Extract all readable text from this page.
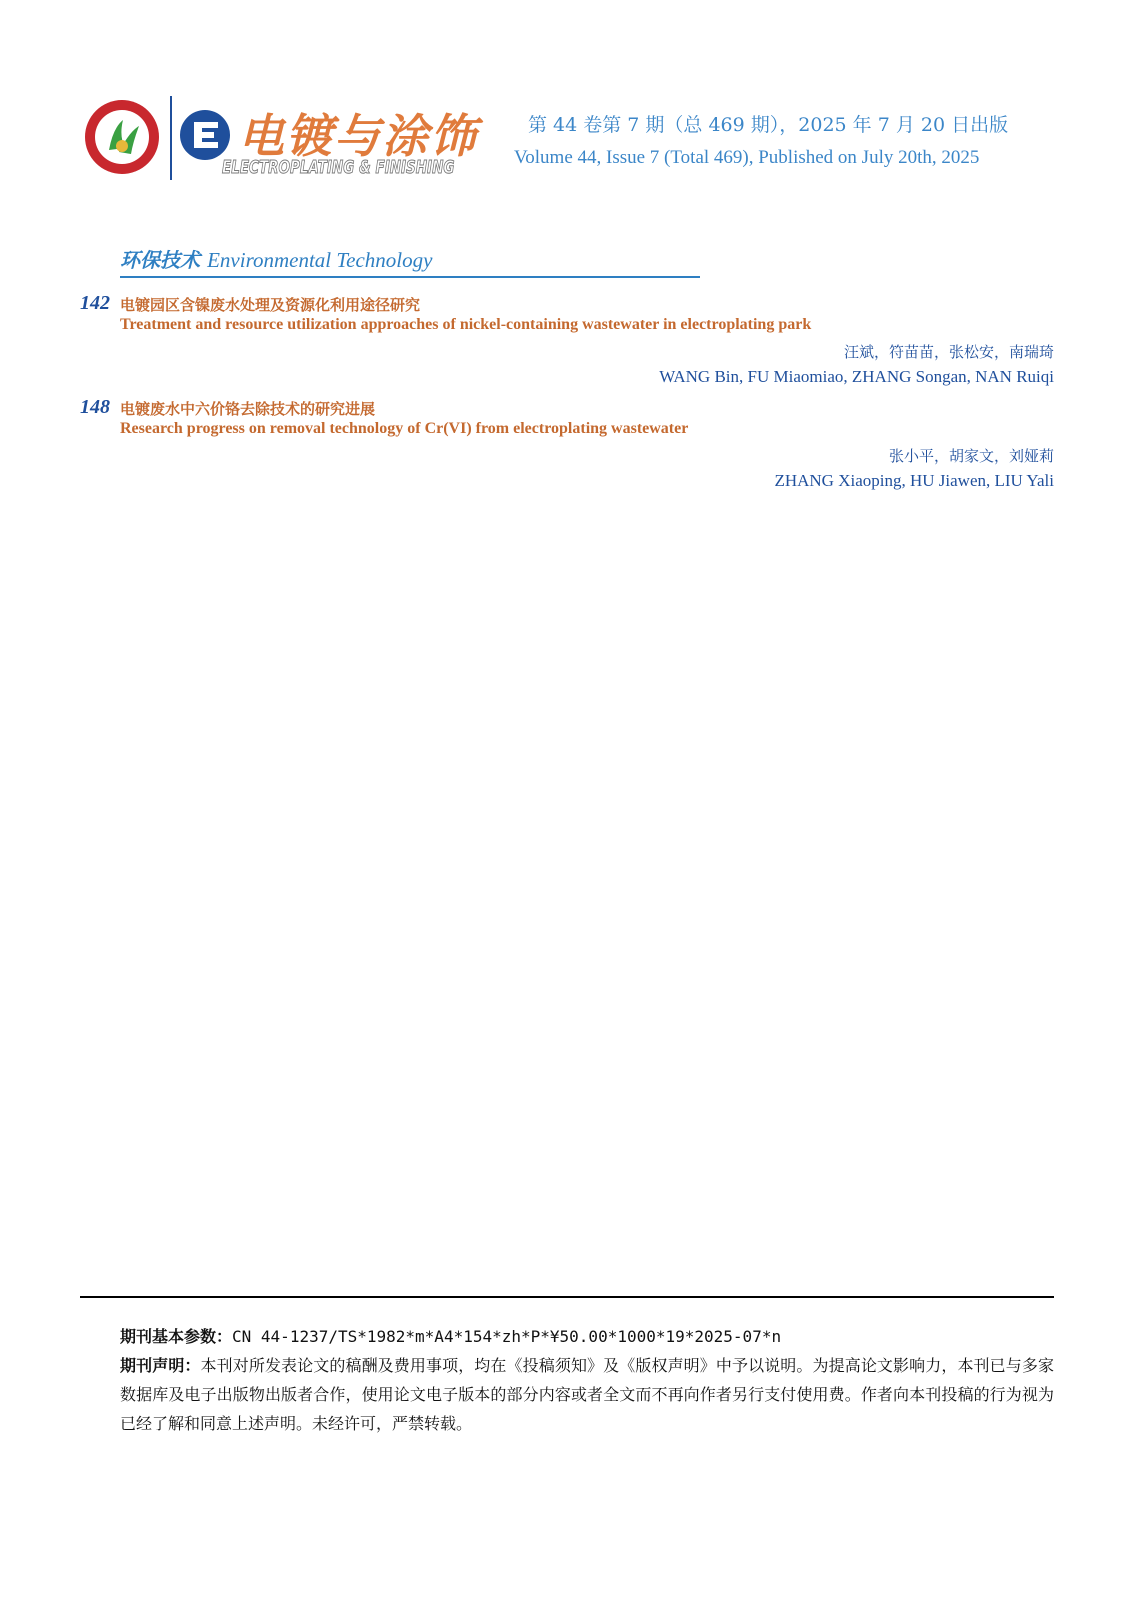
电镀与涂饰
ELECTROPLATING & FINISHING
第 44 卷第 7 期（总 469 期），2025 年 7 月 20 日出版
Volume 44, Issue 7 (Total 469), Published on July 20th, 2025
环保技术 Environmental Technology
142 电镀园区含镍废水处理及资源化利用途径研究
Treatment and resource utilization approaches of nickel-containing wastewater in electroplating park
汪斌，符苗苗，张松安，南瑞琦
WANG Bin, FU Miaomiao, ZHANG Songan, NAN Ruiqi
148 电镀废水中六价铬去除技术的研究进展
Research progress on removal technology of Cr(VI) from electroplating wastewater
张小平，胡家文，刘娅莉
ZHANG Xiaoping, HU Jiawen, LIU Yali

期刊基本参数：CN 44-1237/TS*1982*m*A4*154*zh*P*¥50.00*1000*19*2025-07*n

期刊声明：本刊对所发表论文的稿酬及费用事项，均在《投稿须知》及《版权声明》中予以说明。为提高论文影响力，本刊已与多家数据库及电子出版物出版者合作，使用论文电子版本的部分内容或者全文而不再向作者另行支付使用费。作者向本刊投稿的行为视为已经了解和同意上述声明。未经许可，严禁转载。
